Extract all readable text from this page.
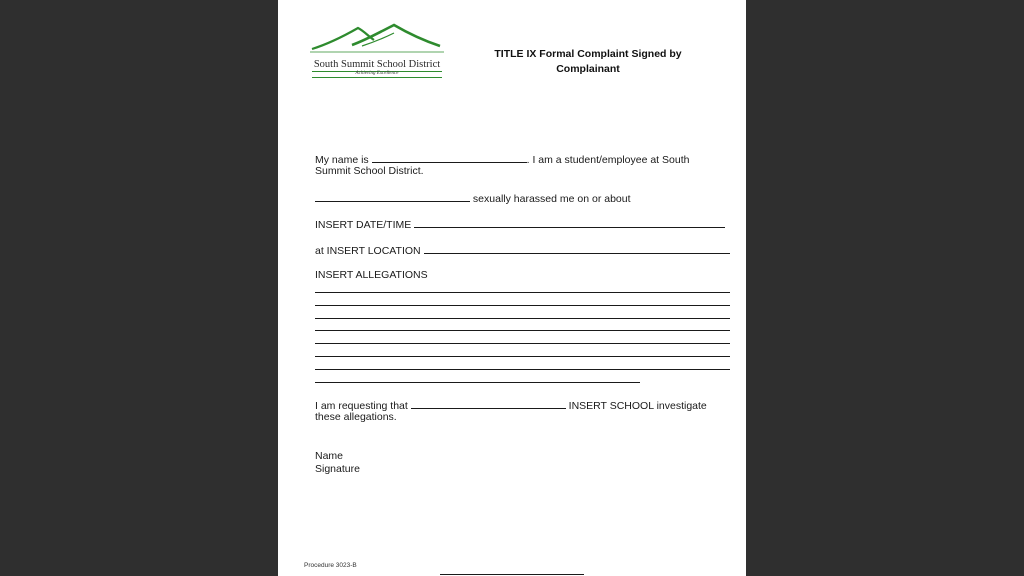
South Summit School District
Achieving Excellence
TITLE IX Formal Complaint Signed by
Complainant
My name is	. I am a student/employee at South
Summit School District.
sexually harassed me on or about
INSERT DATE/TIME
at INSERT LOCATION
INSERT ALLEGATIONS
I am requesting that	INSERT SCHOOL investigate
these allegations.
Name
Signature
Procedure 3023-B
